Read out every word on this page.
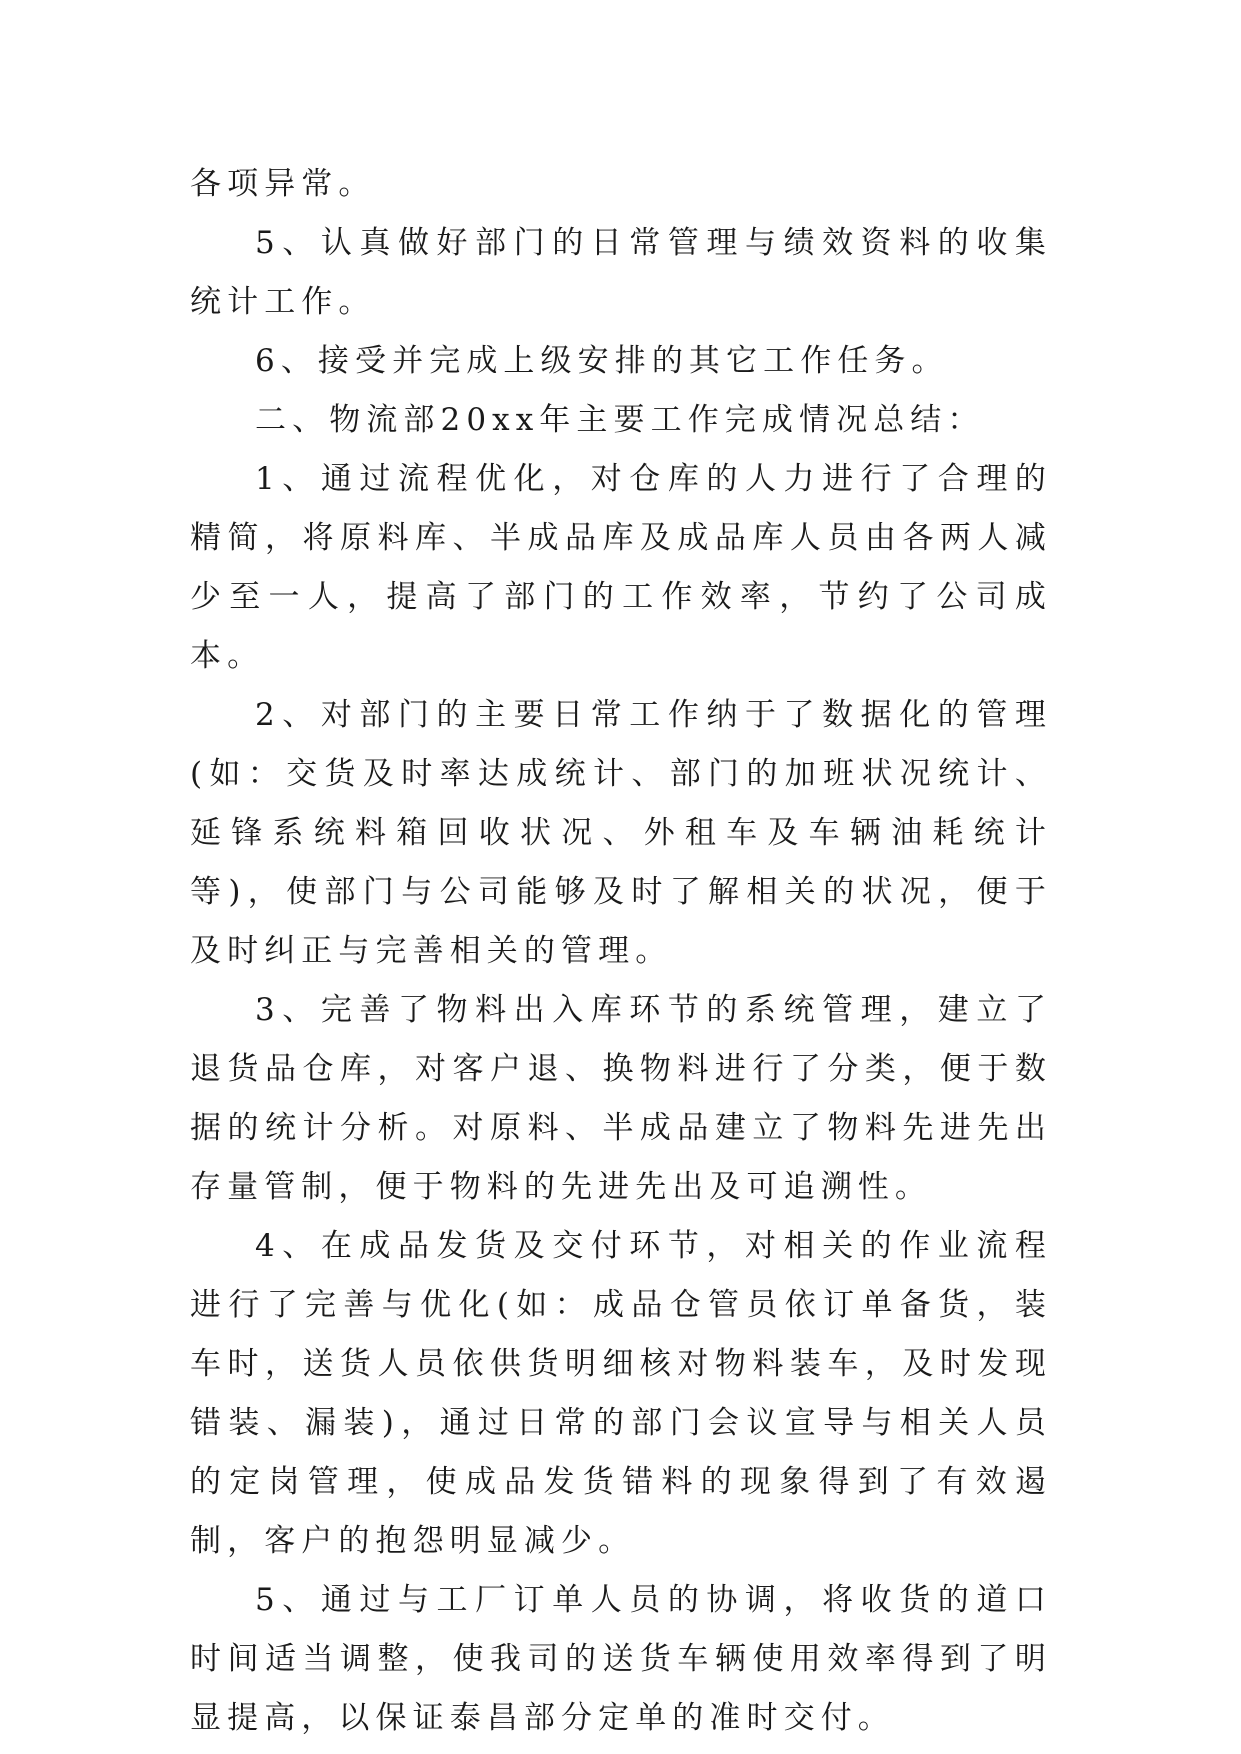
各项异常。

5、认真做好部门的日常管理与绩效资料的收集统计工作。

6、接受并完成上级安排的其它工作任务。

二、物流部20xx年主要工作完成情况总结：

1、通过流程优化，对仓库的人力进行了合理的精简，将原料库、半成品库及成品库人员由各两人减少至一人，提高了部门的工作效率，节约了公司成本。

2、对部门的主要日常工作纳于了数据化的管理(如：交货及时率达成统计、部门的加班状况统计、延锋系统料箱回收状况、外租车及车辆油耗统计等)，使部门与公司能够及时了解相关的状况，便于及时纠正与完善相关的管理。

3、完善了物料出入库环节的系统管理，建立了退货品仓库，对客户退、换物料进行了分类，便于数据的统计分析。对原料、半成品建立了物料先进先出存量管制，便于物料的先进先出及可追溯性。

4、在成品发货及交付环节，对相关的作业流程进行了完善与优化(如：成品仓管员依订单备货，装车时，送货人员依供货明细核对物料装车，及时发现错装、漏装)，通过日常的部门会议宣导与相关人员的定岗管理，使成品发货错料的现象得到了有效遏制，客户的抱怨明显减少。

5、通过与工厂订单人员的协调，将收货的道口时间适当调整，使我司的送货车辆使用效率得到了明显提高，以保证泰昌部分定单的准时交付。
